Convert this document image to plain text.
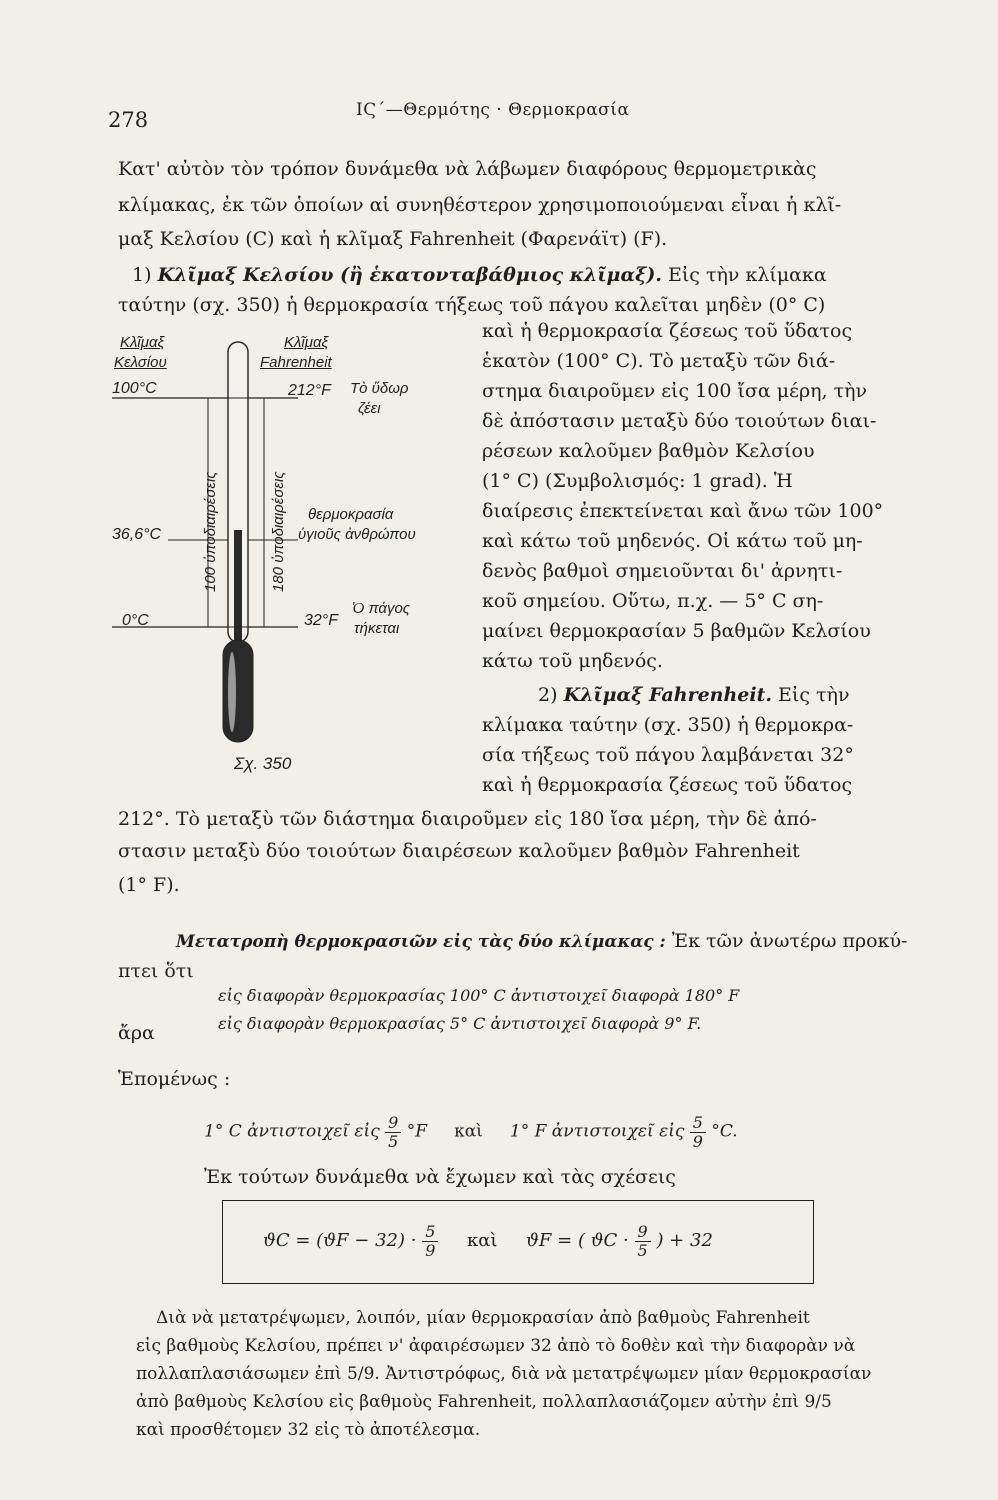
278	ΙϚ΄—Θερμότης · Θερμοκρασία
Κατ' αὐτὸν τὸν τρόπον δυνάμεθα νὰ λάβωμεν διαφόρους θερμομετρικὰς
κλίμακας, ἐκ τῶν ὁποίων αἱ συνηθέστερον χρησιμοποιούμεναι εἶναι ἡ κλῖ-
μαξ Κελσίου (C) καὶ ἡ κλῖμαξ Fahrenheit (Φαρενάϊτ) (F).
1) Κλῖμαξ Κελσίου (ἢ ἑκατονταβάθμιος κλῖμαξ). Εἰς τὴν κλίμακα
ταύτην (σχ. 350) ἡ θερμοκρασία τήξεως τοῦ πάγου καλεῖται μηδὲν (0° C)
καὶ ἡ θερμοκρασία ζέσεως τοῦ ὕδατος
ἑκατὸν (100° C). Τὸ μεταξὺ τῶν διά-
στημα διαιροῦμεν εἰς 100 ἴσα μέρη, τὴν
δὲ ἀπόστασιν μεταξὺ δύο τοιούτων διαι-
ρέσεων καλοῦμεν βαθμὸν Κελσίου
(1° C) (Συμβολισμός: 1 grad). Ἡ
διαίρεσις ἐπεκτείνεται καὶ ἄνω τῶν 100°
καὶ κάτω τοῦ μηδενός. Οἱ κάτω τοῦ μη-
δενὸς βαθμοὶ σημειοῦνται δι' ἀρνητι-
κοῦ σημείου. Οὕτω, π.χ. — 5° C ση-
μαίνει θερμοκρασίαν 5 βαθμῶν Κελσίου
κάτω τοῦ μηδενός.
2) Κλῖμαξ Fahrenheit. Εἰς τὴν
κλίμακα ταύτην (σχ. 350) ἡ θερμοκρα-
σία τήξεως τοῦ πάγου λαμβάνεται 32°
καὶ ἡ θερμοκρασία ζέσεως τοῦ ὕδατος
212°. Τὸ μεταξὺ τῶν διάστημα διαιροῦμεν εἰς 180 ἴσα μέρη, τὴν δὲ ἀπό-
στασιν μεταξὺ δύο τοιούτων διαιρέσεων καλοῦμεν βαθμὸν Fahrenheit
(1° F).
Κλῖμαξ
Κελσίου
Κλῖμαξ
Fahrenheit
100°C	212°F Τὸ ὕδωρ
ζέει
36,6°C
θερμοκρασία
ὑγιοῦς ἀνθρώπου
0°C	32°F
Ὁ πάγος
τήκεται
100 ὑποδιαιρέσεις	180 ὑποδιαιρέσεις
Σχ. 350
Μετατροπὴ θερμοκρασιῶν εἰς τὰς δύο κλίμακας : Ἐκ τῶν ἀνωτέρω προκύ-
πτει ὅτι
εἰς διαφορὰν θερμοκρασίας 100° C ἀντιστοιχεῖ διαφορὰ 180° F
ἄρα	εἰς διαφορὰν θερμοκρασίας 5° C ἀντιστοιχεῖ διαφορὰ 9° F.
Ἑπομένως :
1° C ἀντιστοιχεῖ εἰς $\frac{9}{5} ^\circ F$ καὶ 1° F ἀντιστοιχεῖ εἰς $\frac{5}{9} ^\circ C$.
Ἐκ τούτων δυνάμεθα νὰ ἔχωμεν καὶ τὰς σχέσεις
$ϑC = (ϑF - 32) \cdot \frac{5}{9}$ καὶ ϑF = ( $ϑC \cdot \frac{9}{5}$ ) + 32
Διὰ νὰ μετατρέψωμεν, λοιπόν, μίαν θερμοκρασίαν ἀπὸ βαθμοὺς Fahrenheit
εἰς βαθμοὺς Κελσίου, πρέπει ν' ἀφαιρέσωμεν 32 ἀπὸ τὸ δοθὲν καὶ τὴν διαφορὰν νὰ
πολλαπλασιάσωμεν ἐπὶ 5/9. Ἀντιστρόφως, διὰ νὰ μετατρέψωμεν μίαν θερμοκρασίαν
ἀπὸ βαθμοὺς Κελσίου εἰς βαθμοὺς Fahrenheit, πολλαπλασιάζομεν αὐτὴν ἐπὶ 9/5
καὶ προσθέτομεν 32 εἰς τὸ ἀποτέλεσμα.
